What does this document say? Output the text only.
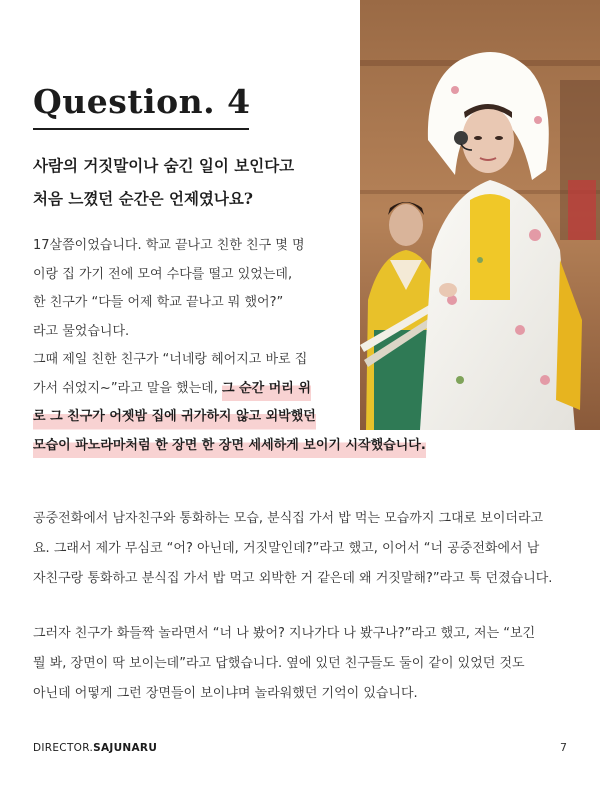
Question. 4
사람의 거짓말이나 숨긴 일이 보인다고
처음 느꼈던 순간은 언제였나요?
17살쯤이었습니다. 학교 끝나고 친한 친구 몇 명
이랑 집 가기 전에 모여 수다를 떨고 있었는데,
한 친구가 “다들 어제 학교 끝나고 뭐 했어?”
라고 물었습니다.
그때 제일 친한 친구가 “너네랑 헤어지고 바로 집
가서 쉬었지~”라고 말을 했는데, 그 순간 머리 위
로 그 친구가 어젯밤 집에 귀가하지 않고 외박했던
모습이 파노라마처럼 한 장면 한 장면 세세하게 보이기 시작했습니다.
공중전화에서 남자친구와 통화하는 모습, 분식집 가서 밥 먹는 모습까지 그대로 보이더라고
요. 그래서 제가 무심코 “어? 아닌데, 거짓말인데?”라고 했고, 이어서 “너 공중전화에서 남
자친구랑 통화하고 분식집 가서 밥 먹고 외박한 거 같은데 왜 거짓말해?”라고 툭 던졌습니다.
그러자 친구가 화들짝 놀라면서 “너 나 봤어? 지나가다 나 봤구나?”라고 했고, 저는 “보긴
뭘 봐, 장면이 딱 보이는데”라고 답했습니다. 옆에 있던 친구들도 둘이 같이 있었던 것도
아닌데 어떻게 그런 장면들이 보이냐며 놀라워했던 기억이 있습니다.
DIRECTOR.SAJUNARU	7
